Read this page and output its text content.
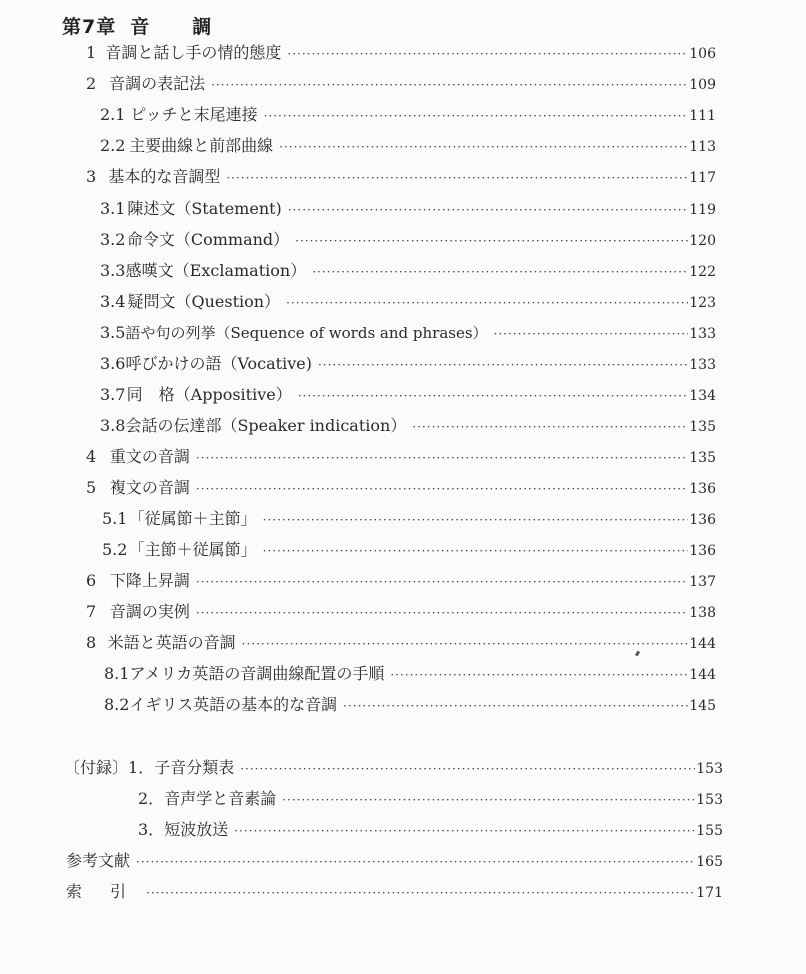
第7章 音　調
1 音調と話し手の情的態度 ·····	106
2 音調の表記法 ·····	109
2.1 ピッチと末尾連接 ·····	111
2.2 主要曲線と前部曲線 ·····	113
3 基本的な音調型 ·····	117
3.1 陳述文（Statement) ·····	119
3.2 命令文（Command） ·····	120
3.3 感嘆文（Exclamation） ·····	122
3.4 疑問文（Question） ·····	123
3.5 語や句の列挙（Sequence of words and phrases） ·····	133
3.6 呼びかけの語（Vocative) ·····	133
3.7 同　格（Appositive） ·····	134
3.8 会話の伝達部（Speaker indication） ·····	135
4 重文の音調 ·····	135
5 複文の音調 ·····	136
5.1 「従属節＋主節」 ·····	136
5.2 「主節＋従属節」 ·····	136
6 下降上昇調 ·····	137
7 音調の実例 ·····	138
8 米語と英語の音調 ·····	144
8.1 アメリカ英語の音調曲線配置の手順 ·····	144
8.2 イギリス英語の基本的な音調 ·····	145
〔付録〕 1． 子音分類表 ·····	153
2． 音声学と音素論 ·····	153
3． 短波放送 ·····	155
参考文献 ·····	165
索　引 ·····	171
